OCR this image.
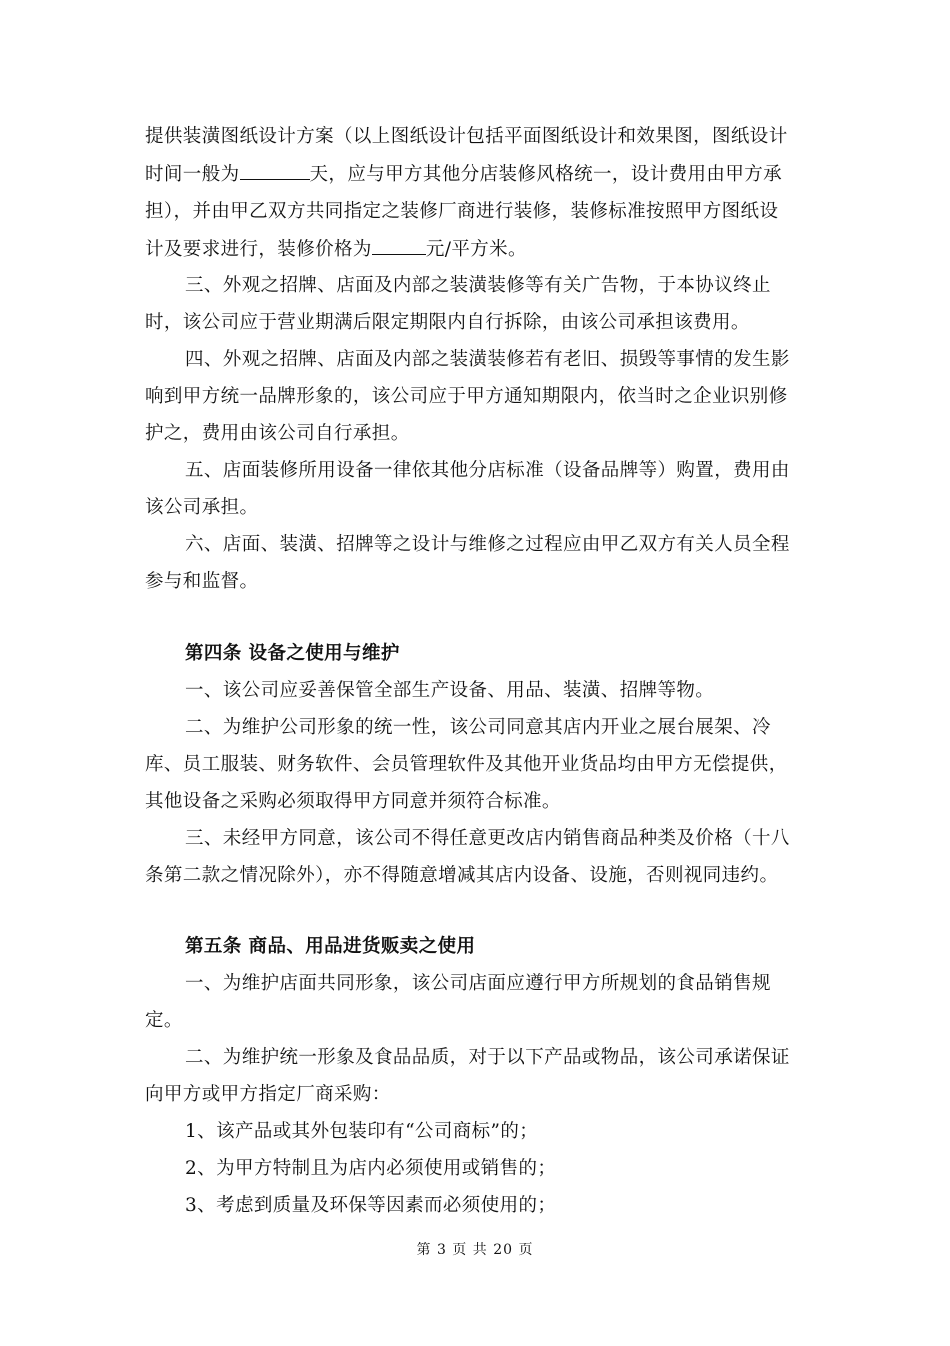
提供装潢图纸设计方案（以上图纸设计包括平面图纸设计和效果图，图纸设计
时间一般为	天，应与甲方其他分店装修风格统一，设计费用由甲方承
担），并由甲乙双方共同指定之装修厂商进行装修，装修标准按照甲方图纸设
计及要求进行，装修价格为	元/平方米。
三、外观之招牌、店面及内部之装潢装修等有关广告物，于本协议终止
时，该公司应于营业期满后限定期限内自行拆除，由该公司承担该费用。
四、外观之招牌、店面及内部之装潢装修若有老旧、损毁等事情的发生影
响到甲方统一品牌形象的，该公司应于甲方通知期限内，依当时之企业识别修
护之，费用由该公司自行承担。
五、店面装修所用设备一律依其他分店标准（设备品牌等）购置，费用由
该公司承担。
六、店面、装潢、招牌等之设计与维修之过程应由甲乙双方有关人员全程
参与和监督。
第四条 设备之使用与维护
一、该公司应妥善保管全部生产设备、用品、装潢、招牌等物。
二、为维护公司形象的统一性，该公司同意其店内开业之展台展架、冷
库、员工服装、财务软件、会员管理软件及其他开业货品均由甲方无偿提供，
其他设备之采购必须取得甲方同意并须符合标准。
三、未经甲方同意，该公司不得任意更改店内销售商品种类及价格（十八
条第二款之情况除外），亦不得随意增减其店内设备、设施，否则视同违约。
第五条 商品、用品进货贩卖之使用
一、为维护店面共同形象，该公司店面应遵行甲方所规划的食品销售规
定。
二、为维护统一形象及食品品质，对于以下产品或物品，该公司承诺保证
向甲方或甲方指定厂商采购：
1、该产品或其外包装印有“公司商标”的；
2、为甲方特制且为店内必须使用或销售的；
3、考虑到质量及环保等因素而必须使用的；
第 3 页 共 20 页
